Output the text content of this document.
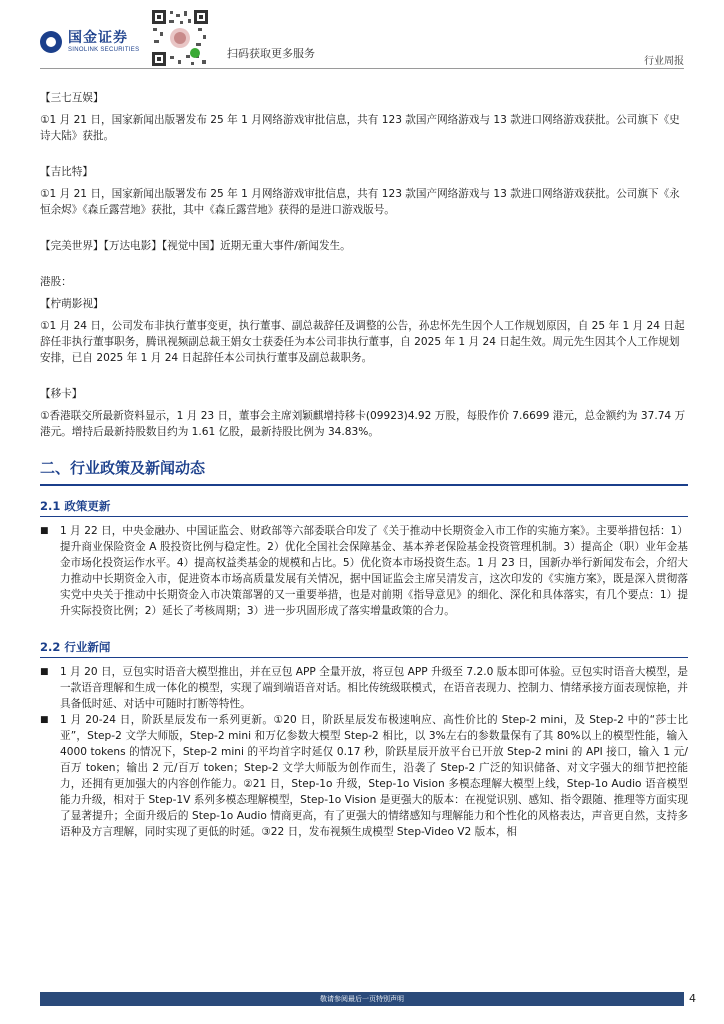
国金证券
SINOLINK SECURITIES	扫码获取更多服务
行业周报

【三七互娱】

①1 月 21 日，国家新闻出版署发布 25 年 1 月网络游戏审批信息，共有 123 款国产网络游戏与 13 款进口网络游戏获批。公司旗下《史诗大陆》获批。

【吉比特】

①1 月 21 日，国家新闻出版署发布 25 年 1 月网络游戏审批信息，共有 123 款国产网络游戏与 13 款进口网络游戏获批。公司旗下《永恒余烬》《森丘露营地》获批，其中《森丘露营地》获得的是进口游戏版号。

【完美世界】【万达电影】【视觉中国】近期无重大事件/新闻发生。

港股：

【柠萌影视】

①1 月 24 日，公司发布非执行董事变更，执行董事、副总裁辞任及调整的公告，孙忠怀先生因个人工作规划原因，自 25 年 1 月 24 日起辞任非执行董事职务，腾讯视频副总裁王娟女士获委任为本公司非执行董事，自 2025 年 1 月 24 日起生效。周元先生因其个人工作规划安排，已自 2025 年 1 月 24 日起辞任本公司执行董事及副总裁职务。

【移卡】

①香港联交所最新资料显示，1 月 23 日，董事会主席刘颖麒增持移卡(09923)4.92 万股，每股作价 7.6699 港元，总金额约为 37.74 万港元。增持后最新持股数目约为 1.61 亿股，最新持股比例为 34.83%。

二、行业政策及新闻动态
2.1 政策更新
■	1 月 22 日，中央金融办、中国证监会、财政部等六部委联合印发了《关于推动中长期资金入市工作的实施方案》。主要举措包括：1）提升商业保险资金 A 股投资比例与稳定性。2）优化全国社会保障基金、基本养老保险基金投资管理机制。3）提高企（职）业年金基金市场化投资运作水平。4）提高权益类基金的规模和占比。5）优化资本市场投资生态。1 月 23 日，国新办举行新闻发布会，介绍大力推动中长期资金入市，促进资本市场高质量发展有关情况，据中国证监会主席吴清发言，这次印发的《实施方案》，既是深入贯彻落实党中央关于推动中长期资金入市决策部署的又一重要举措，也是对前期《指导意见》的细化、深化和具体落实，有几个要点：1）提升实际投资比例；2）延长了考核周期；3）进一步巩固形成了落实增量政策的合力。
2.2 行业新闻
■	1 月 20 日，豆包实时语音大模型推出，并在豆包 APP 全量开放，将豆包 APP 升级至 7.2.0 版本即可体验。豆包实时语音大模型，是一款语音理解和生成一体化的模型，实现了端到端语音对话。相比传统级联模式，在语音表现力、控制力、情绪承接方面表现惊艳，并具备低时延、对话中可随时打断等特性。
■	1 月 20-24 日，阶跃星辰发布一系列更新。①20 日，阶跃星辰发布极速响应、高性价比的 Step-2 mini，及 Step-2 中的“莎士比亚”，Step-2 文学大师版，Step-2 mini 和万亿参数大模型 Step-2 相比，以 3%左右的参数量保有了其 80%以上的模型性能，输入 4000 tokens 的情况下，Step-2 mini 的平均首字时延仅 0.17 秒，阶跃星辰开放平台已开放 Step-2 mini 的 API 接口，输入 1 元/百万 token；输出 2 元/百万 token；Step-2 文学大师版为创作而生，沿袭了 Step-2 广泛的知识储备、对文字强大的细节把控能力，还拥有更加强大的内容创作能力。②21 日，Step-1o 升级，Step-1o Vision 多模态理解大模型上线，Step-1o Audio 语音模型能力升级，相对于 Step-1V 系列多模态理解模型，Step-1o Vision 是更强大的版本：在视觉识别、感知、指令跟随、推理等方面实现了显著提升；全面升级后的 Step-1o Audio 情商更高，有了更强大的情绪感知与理解能力和个性化的风格表达，声音更自然，支持多语种及方言理解，同时实现了更低的时延。③22 日，发布视频生成模型 Step-Video V2 版本，相
敬请参阅最后一页特别声明	4
